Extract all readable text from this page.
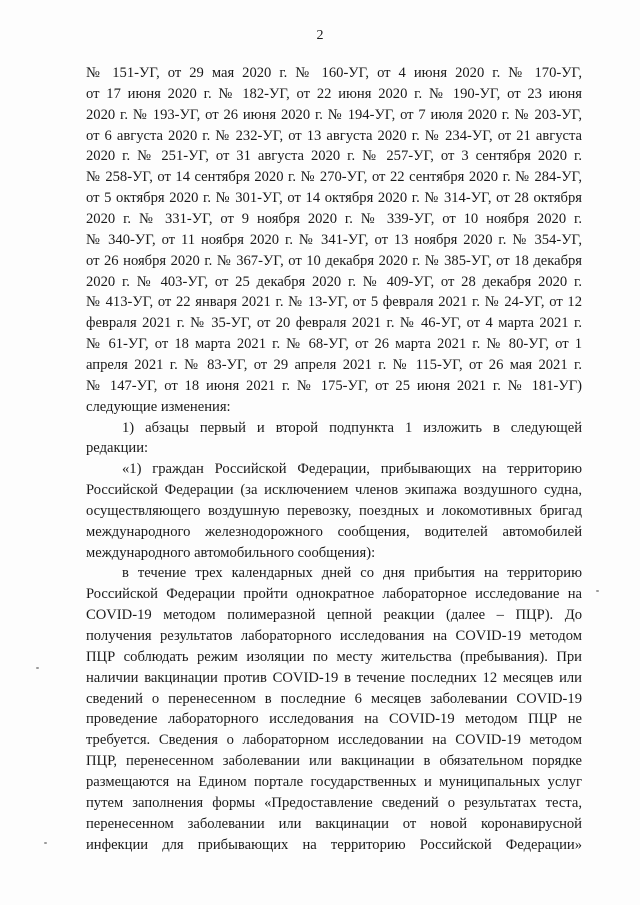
2
№ 151-УГ, от 29 мая 2020 г. № 160-УГ, от 4 июня 2020 г. № 170-УГ,
от 17 июня 2020 г. № 182-УГ, от 22 июня 2020 г. № 190-УГ, от 23 июня
2020 г. № 193-УГ, от 26 июня 2020 г. № 194-УГ, от 7 июля 2020 г. № 203-УГ,
от 6 августа 2020 г. № 232-УГ, от 13 августа 2020 г. № 234-УГ, от 21 августа
2020 г. № 251-УГ, от 31 августа 2020 г. № 257-УГ, от 3 сентября 2020 г.
№ 258-УГ, от 14 сентября 2020 г. № 270-УГ, от 22 сентября 2020 г. № 284-УГ,
от 5 октября 2020 г. № 301-УГ, от 14 октября 2020 г. № 314-УГ, от 28 октября
2020 г. № 331-УГ, от 9 ноября 2020 г. № 339-УГ, от 10 ноября 2020 г.
№ 340-УГ, от 11 ноября 2020 г. № 341-УГ, от 13 ноября 2020 г. № 354-УГ,
от 26 ноября 2020 г. № 367-УГ, от 10 декабря 2020 г. № 385-УГ, от 18 декабря
2020 г. № 403-УГ, от 25 декабря 2020 г. № 409-УГ, от 28 декабря 2020 г.
№ 413-УГ, от 22 января 2021 г. № 13-УГ, от 5 февраля 2021 г. № 24-УГ, от 12
февраля 2021 г. № 35-УГ, от 20 февраля 2021 г. № 46-УГ, от 4 марта 2021 г.
№ 61-УГ, от 18 марта 2021 г. № 68-УГ, от 26 марта 2021 г. № 80-УГ, от 1
апреля 2021 г. № 83-УГ, от 29 апреля 2021 г. № 115-УГ, от 26 мая 2021 г.
№ 147-УГ, от 18 июня 2021 г. № 175-УГ, от 25 июня 2021 г. № 181-УГ)
следующие изменения:
1) абзацы первый и второй подпункта 1 изложить в следующей
редакции:
«1) граждан Российской Федерации, прибывающих на территорию
Российской Федерации (за исключением членов экипажа воздушного судна,
осуществляющего воздушную перевозку, поездных и локомотивных бригад
международного железнодорожного сообщения, водителей автомобилей
международного автомобильного сообщения):
в течение трех календарных дней со дня прибытия на территорию
Российской Федерации пройти однократное лабораторное исследование на
COVID-19 методом полимеразной цепной реакции (далее – ПЦР). До
получения результатов лабораторного исследования на COVID-19 методом
ПЦР соблюдать режим изоляции по месту жительства (пребывания). При
наличии вакцинации против COVID-19 в течение последних 12 месяцев или
сведений о перенесенном в последние 6 месяцев заболевании COVID-19
проведение лабораторного исследования на COVID-19 методом ПЦР не
требуется. Сведения о лабораторном исследовании на COVID-19 методом
ПЦР, перенесенном заболевании или вакцинации в обязательном порядке
размещаются на Едином портале государственных и муниципальных услуг
путем заполнения формы «Предоставление сведений о результатах теста,
перенесенном заболевании или вакцинации от новой коронавирусной
инфекции для прибывающих на территорию Российской Федерации»
